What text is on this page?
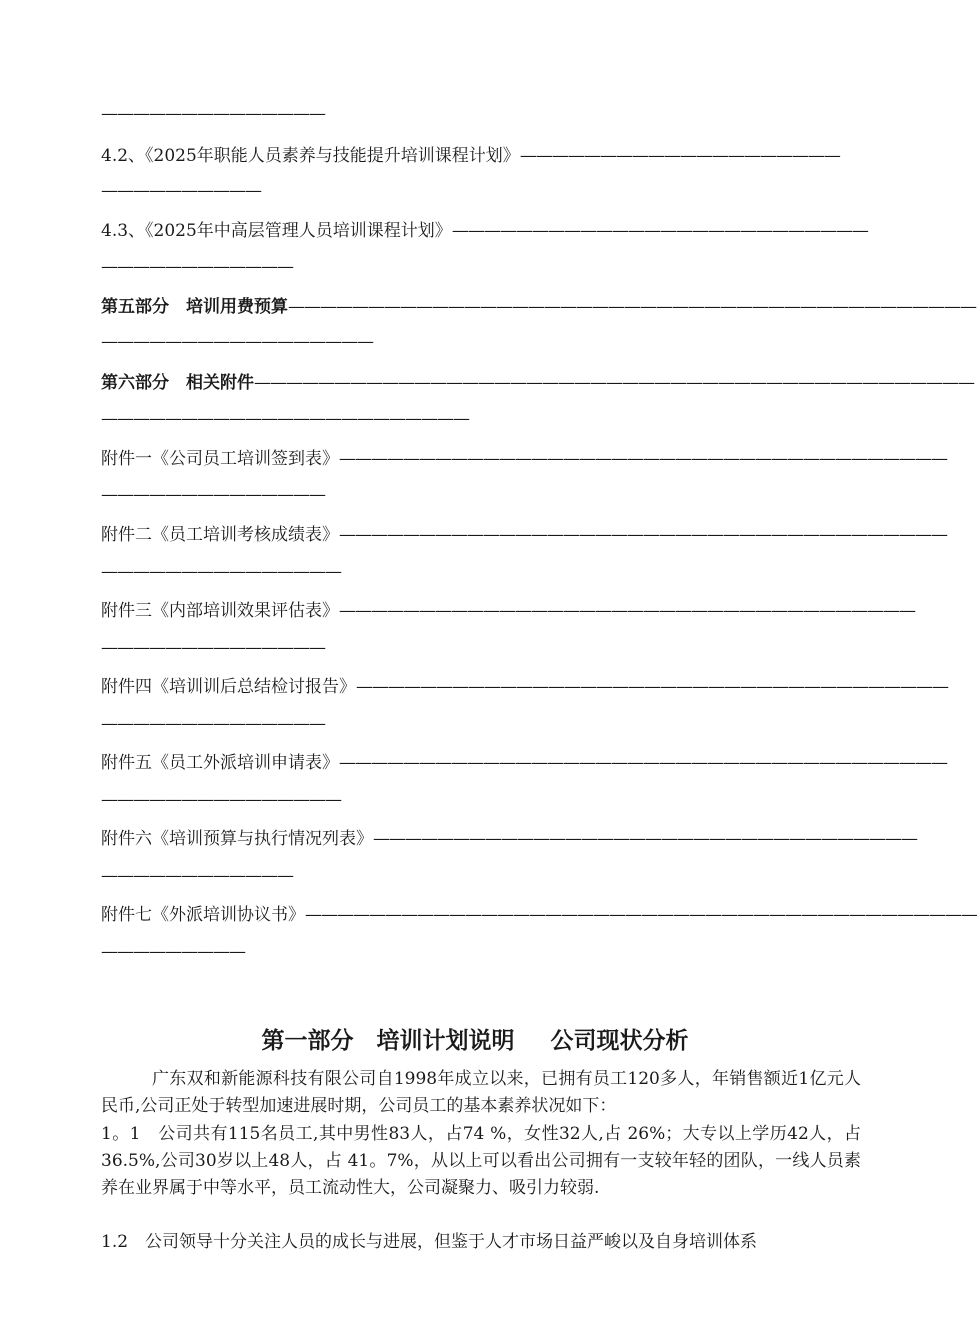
——————————————
4.2、《2025年职能人员素养与技能提升培训课程计划》————————————————————
——————————
4.3、《2025年中高层管理人员培训课程计划》——————————————————————————
————————————
第五部分　培训用费预算———————————————————————————————————————————
—————————————————
第六部分　相关附件—————————————————————————————————————————————
———————————————————————
附件一《公司员工培训签到表》——————————————————————————————————————
——————————————
附件二《员工培训考核成绩表》——————————————————————————————————————
———————————————
附件三《内部培训效果评估表》————————————————————————————————————
——————————————
附件四《培训训后总结检讨报告》—————————————————————————————————————
——————————————
附件五《员工外派培训申请表》——————————————————————————————————————
———————————————
附件六《培训预算与执行情况列表》——————————————————————————————————
————————————
附件七《外派培训协议书》——————————————————————————————————————————
—————————
第一部分　培训计划说明 公司现状分析
广东双和新能源科技有限公司自1998年成立以来，已拥有员工120多人，年销售额近1亿元人民币,公司正处于转型加速进展时期，公司员工的基本素养状况如下：
1。1　公司共有115名员工,其中男性83人，占74 %，女性32人,占 26%；大专以上学历42人，占36.5%,公司30岁以上48人，占 41。7%，从以上可以看出公司拥有一支较年轻的团队，一线人员素养在业界属于中等水平，员工流动性大，公司凝聚力、吸引力较弱.
1.2　公司领导十分关注人员的成长与进展，但鉴于人才市场日益严峻以及自身培训体系
